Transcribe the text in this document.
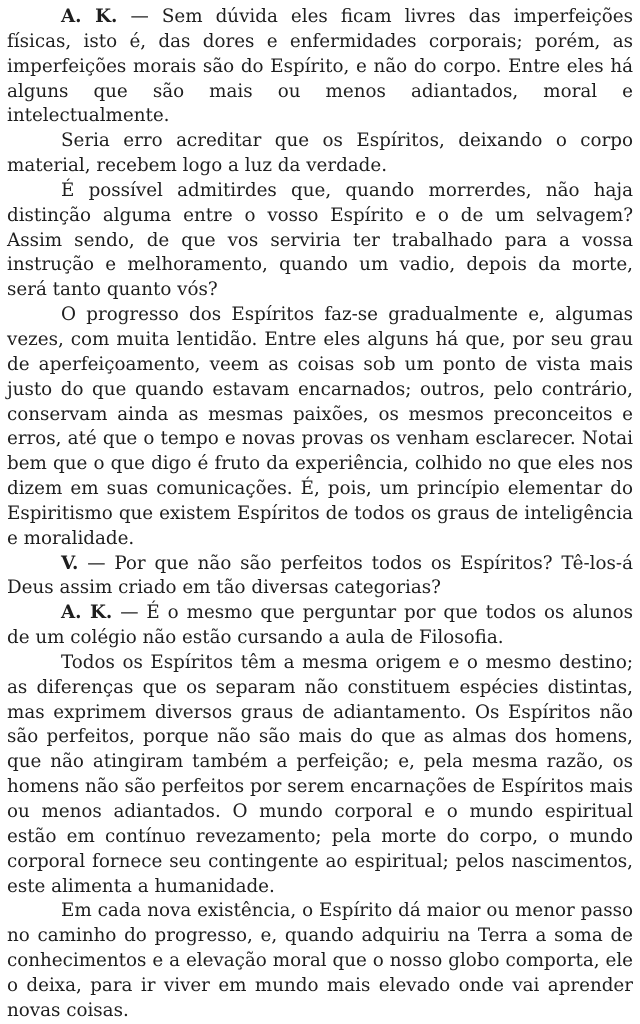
A. K. — Sem dúvida eles ficam livres das imperfeições físicas, isto é, das dores e enfermidades corporais; porém, as imperfeições morais são do Espírito, e não do corpo. Entre eles há alguns que são mais ou menos adiantados, moral e intelectualmente.

Seria erro acreditar que os Espíritos, deixando o corpo material, recebem logo a luz da verdade.

É possível admitirdes que, quando morrerdes, não haja distinção alguma entre o vosso Espírito e o de um selvagem? Assim sendo, de que vos serviria ter trabalhado para a vossa instrução e melhoramento, quando um vadio, depois da morte, será tanto quanto vós?

O progresso dos Espíritos faz-se gradualmente e, algumas vezes, com muita lentidão. Entre eles alguns há que, por seu grau de aperfeiçoamento, veem as coisas sob um ponto de vista mais justo do que quando estavam encarnados; outros, pelo contrário, conservam ainda as mesmas paixões, os mesmos preconceitos e erros, até que o tempo e novas provas os venham esclarecer. Notai bem que o que digo é fruto da experiência, colhido no que eles nos dizem em suas comunicações. É, pois, um princípio elementar do Espiritismo que existem Espíritos de todos os graus de inteligência e moralidade.

V. — Por que não são perfeitos todos os Espíritos? Tê-los-á Deus assim criado em tão diversas categorias?

A. K. — É o mesmo que perguntar por que todos os alunos de um colégio não estão cursando a aula de Filosofia.

Todos os Espíritos têm a mesma origem e o mesmo destino; as diferenças que os separam não constituem espécies distintas, mas exprimem diversos graus de adiantamento. Os Espíritos não são perfeitos, porque não são mais do que as almas dos homens, que não atingiram também a perfeição; e, pela mesma razão, os homens não são perfeitos por serem encarnações de Espíritos mais ou menos adiantados. O mundo corporal e o mundo espiritual estão em contínuo revezamento; pela morte do corpo, o mundo corporal fornece seu contingente ao espiritual; pelos nascimentos, este alimenta a humanidade.

Em cada nova existência, o Espírito dá maior ou menor passo no caminho do progresso, e, quando adquiriu na Terra a soma de conhecimentos e a elevação moral que o nosso globo comporta, ele o deixa, para ir viver em mundo mais elevado onde vai aprender novas coisas.
